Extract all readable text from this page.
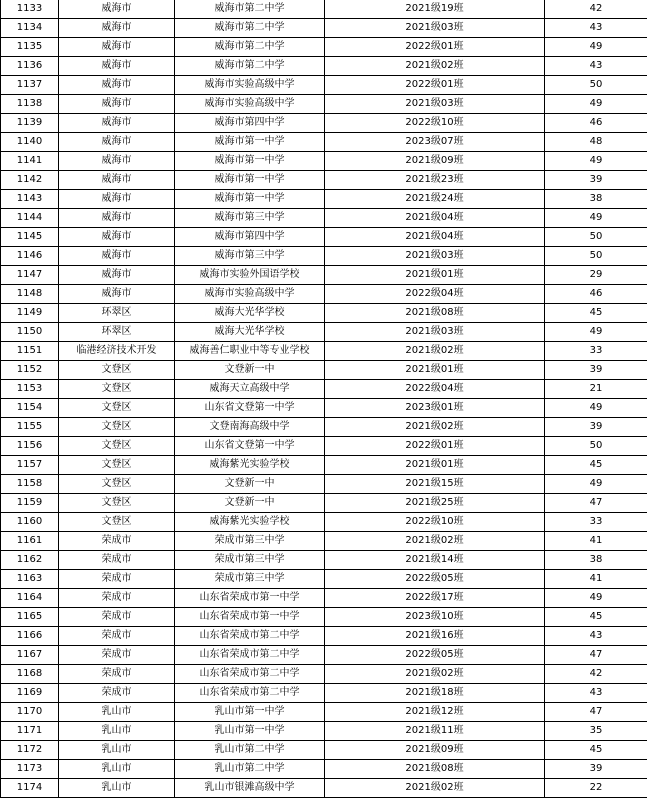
1133	威海市	威海市第二中学	2021级19班	42
1134	威海市	威海市第二中学	2021级03班	43
1135	威海市	威海市第二中学	2022级01班	49
1136	威海市	威海市第二中学	2021级02班	43
1137	威海市	威海市实验高级中学	2022级01班	50
1138	威海市	威海市实验高级中学	2021级03班	49
1139	威海市	威海市第四中学	2022级10班	46
1140	威海市	威海市第一中学	2023级07班	48
1141	威海市	威海市第一中学	2021级09班	49
1142	威海市	威海市第一中学	2021级23班	39
1143	威海市	威海市第一中学	2021级24班	38
1144	威海市	威海市第三中学	2021级04班	49
1145	威海市	威海市第四中学	2021级04班	50
1146	威海市	威海市第三中学	2021级03班	50
1147	威海市	威海市实验外国语学校	2021级01班	29
1148	威海市	威海市实验高级中学	2022级04班	46
1149	环翠区	威海大光华学校	2021级08班	45
1150	环翠区	威海大光华学校	2021级03班	49
1151	临港经济技术开发	威海善仁职业中等专业学校	2021级02班	33
1152	文登区	文登新一中	2021级01班	39
1153	文登区	威海天立高级中学	2022级04班	21
1154	文登区	山东省文登第一中学	2023级01班	49
1155	文登区	文登南海高级中学	2021级02班	39
1156	文登区	山东省文登第一中学	2022级01班	50
1157	文登区	威海紫光实验学校	2021级01班	45
1158	文登区	文登新一中	2021级15班	49
1159	文登区	文登新一中	2021级25班	47
1160	文登区	威海紫光实验学校	2022级10班	33
1161	荣成市	荣成市第三中学	2021级02班	41
1162	荣成市	荣成市第三中学	2021级14班	38
1163	荣成市	荣成市第三中学	2022级05班	41
1164	荣成市	山东省荣成市第一中学	2022级17班	49
1165	荣成市	山东省荣成市第一中学	2023级10班	45
1166	荣成市	山东省荣成市第二中学	2021级16班	43
1167	荣成市	山东省荣成市第二中学	2022级05班	47
1168	荣成市	山东省荣成市第二中学	2021级02班	42
1169	荣成市	山东省荣成市第二中学	2021级18班	43
1170	乳山市	乳山市第一中学	2021级12班	47
1171	乳山市	乳山市第一中学	2021级11班	35
1172	乳山市	乳山市第二中学	2021级09班	45
1173	乳山市	乳山市第二中学	2021级08班	39
1174	乳山市	乳山市银滩高级中学	2021级02班	22
